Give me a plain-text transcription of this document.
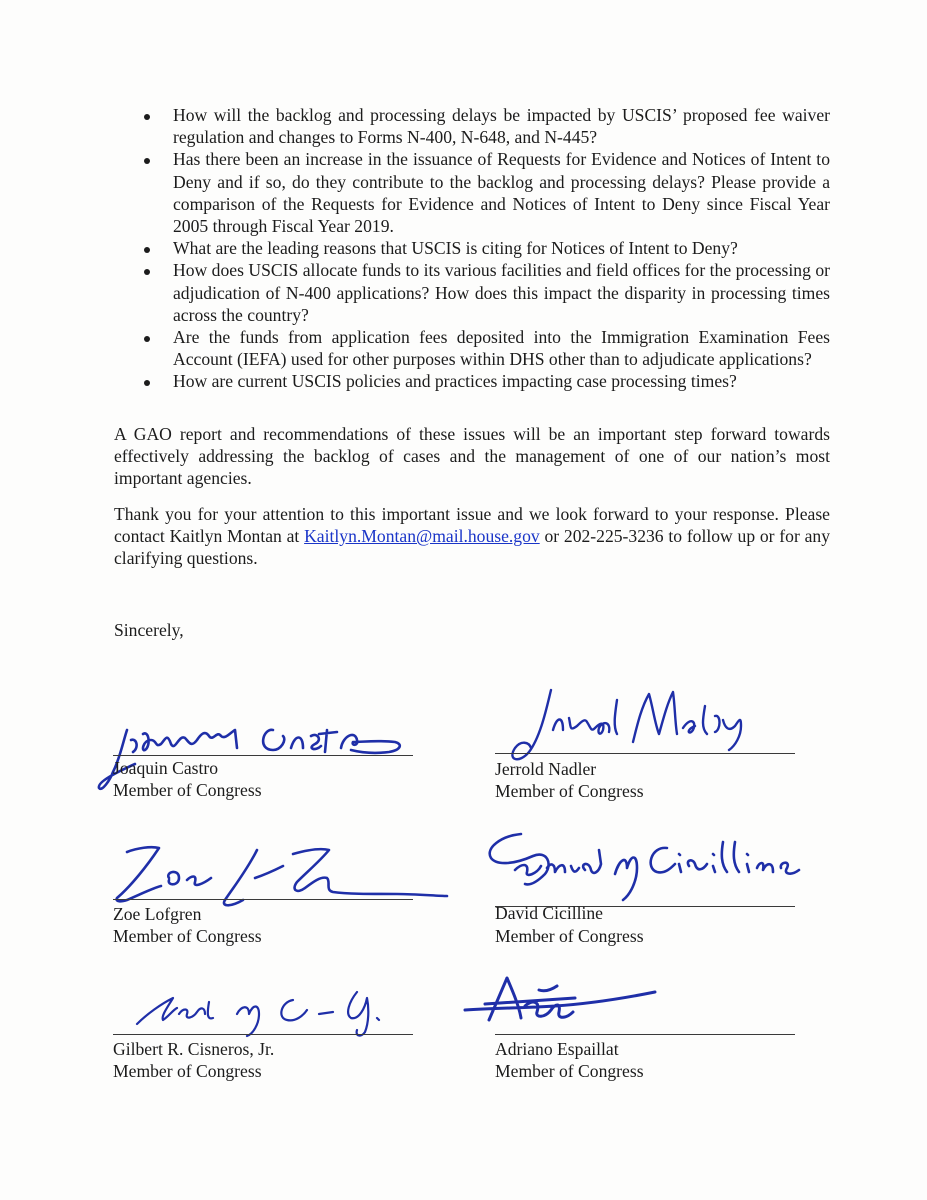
How will the backlog and processing delays be impacted by USCIS’ proposed fee waiver regulation and changes to Forms N-400, N-648, and N-445?
Has there been an increase in the issuance of Requests for Evidence and Notices of Intent to Deny and if so, do they contribute to the backlog and processing delays? Please provide a comparison of the Requests for Evidence and Notices of Intent to Deny since Fiscal Year 2005 through Fiscal Year 2019.
What are the leading reasons that USCIS is citing for Notices of Intent to Deny?
How does USCIS allocate funds to its various facilities and field offices for the processing or adjudication of N-400 applications? How does this impact the disparity in processing times across the country?
Are the funds from application fees deposited into the Immigration Examination Fees Account (IEFA) used for other purposes within DHS other than to adjudicate applications?
How are current USCIS policies and practices impacting case processing times?

A GAO report and recommendations of these issues will be an important step forward towards effectively addressing the backlog of cases and the management of one of our nation’s most important agencies.

Thank you for your attention to this important issue and we look forward to your response. Please contact Kaitlyn Montan at Kaitlyn.Montan@mail.house.gov or 202-225-3236 to follow up or for any clarifying questions.

Sincerely,

Joaquin Castro
Member of Congress
Jerrold Nadler
Member of Congress
Zoe Lofgren
Member of Congress
David Cicilline
Member of Congress
Gilbert R. Cisneros, Jr.
Member of Congress
Adriano Espaillat
Member of Congress
